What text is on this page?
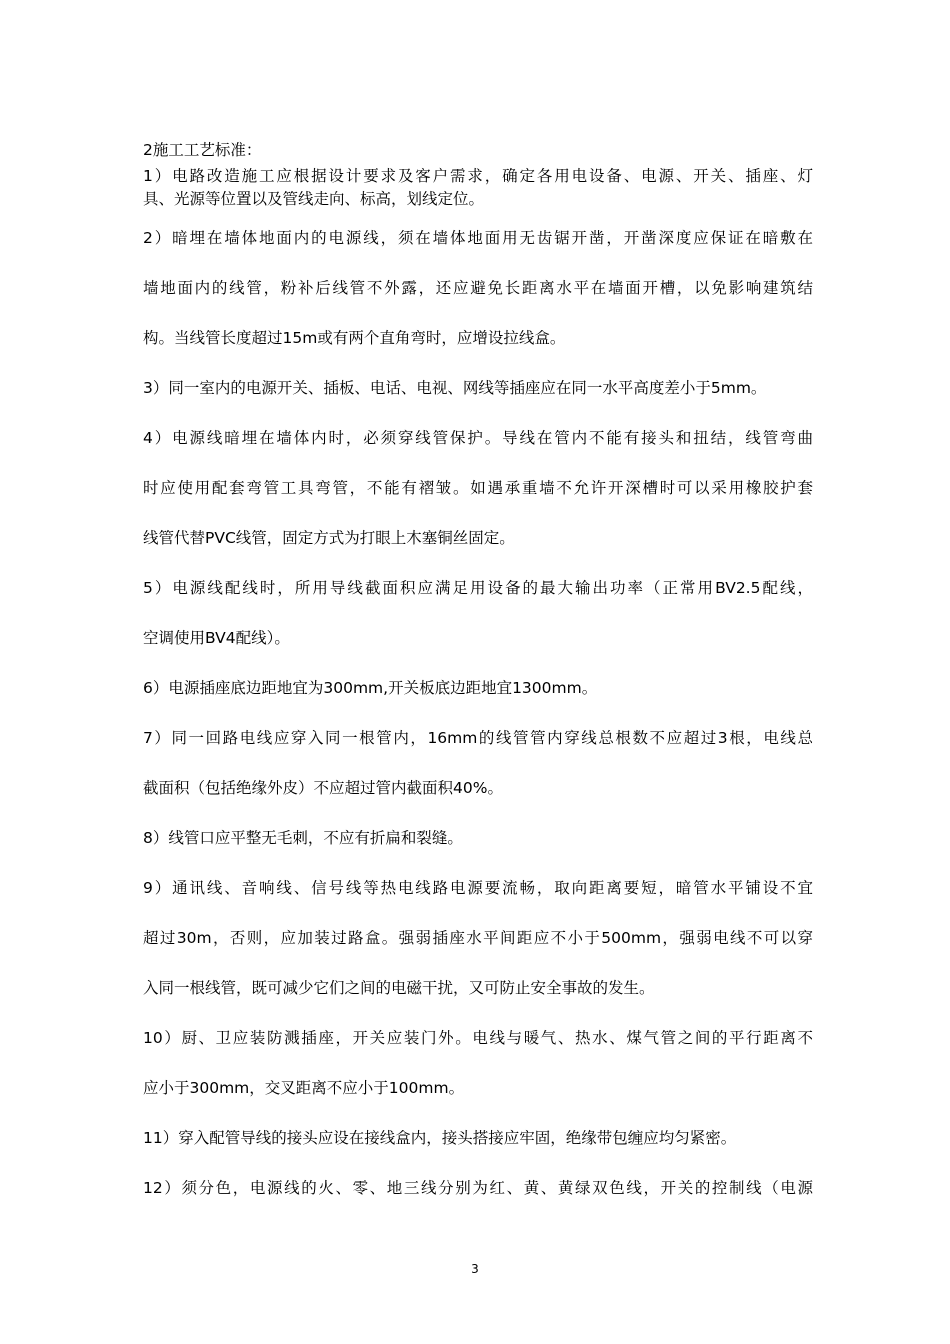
2施工工艺标准：
1）电路改造施工应根据设计要求及客户需求，确定各用电设备、电源、开关、插座、灯
具、光源等位置以及管线走向、标高，划线定位。
2）暗埋在墙体地面内的电源线，须在墙体地面用无齿锯开凿，开凿深度应保证在暗敷在
墙地面内的线管，粉补后线管不外露，还应避免长距离水平在墙面开槽，以免影响建筑结
构。当线管长度超过15m或有两个直角弯时，应增设拉线盒。
3）同一室内的电源开关、插板、电话、电视、网线等插座应在同一水平高度差小于5mm。
4）电源线暗埋在墙体内时，必须穿线管保护。导线在管内不能有接头和扭结，线管弯曲
时应使用配套弯管工具弯管，不能有褶皱。如遇承重墙不允许开深槽时可以采用橡胶护套
线管代替PVC线管，固定方式为打眼上木塞铜丝固定。
5）电源线配线时，所用导线截面积应满足用设备的最大输出功率（正常用BV2.5配线，
空调使用BV4配线）。
6）电源插座底边距地宜为300mm,开关板底边距地宜1300mm。
7）同一回路电线应穿入同一根管内，16mm的线管管内穿线总根数不应超过3根，电线总
截面积（包括绝缘外皮）不应超过管内截面积40%。
8）线管口应平整无毛刺，不应有折扁和裂缝。
9）通讯线、音响线、信号线等热电线路电源要流畅，取向距离要短，暗管水平铺设不宜
超过30m，否则，应加装过路盒。强弱插座水平间距应不小于500mm，强弱电线不可以穿
入同一根线管，既可减少它们之间的电磁干扰，又可防止安全事故的发生。
10）厨、卫应装防溅插座，开关应装门外。电线与暖气、热水、煤气管之间的平行距离不
应小于300mm，交叉距离不应小于100mm。
11）穿入配管导线的接头应设在接线盒内，接头搭接应牢固，绝缘带包缠应均匀紧密。
12）须分色，电源线的火、零、地三线分别为红、黄、黄绿双色线，开关的控制线（电源
3
